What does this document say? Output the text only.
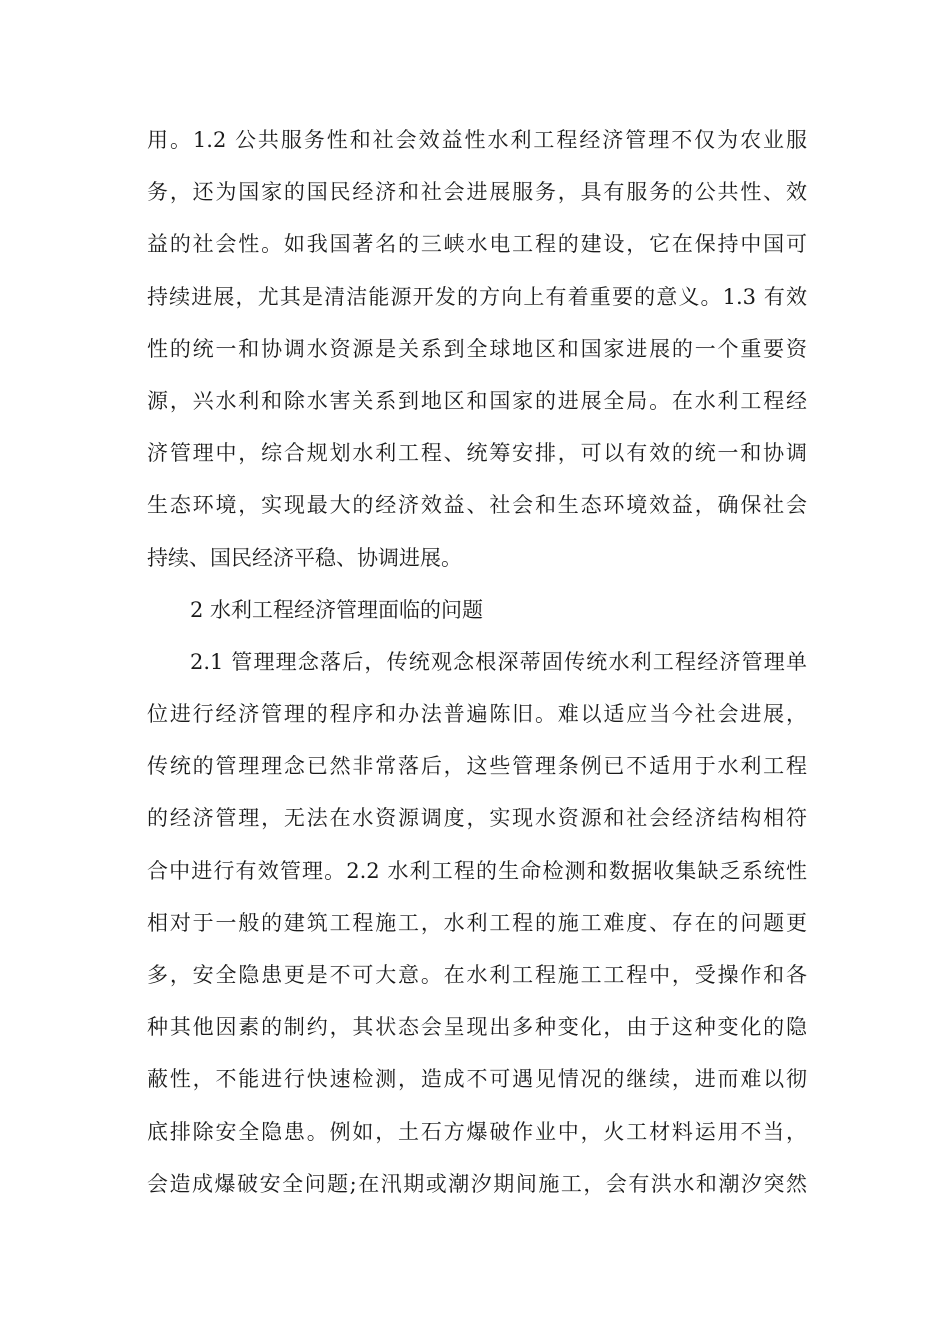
用。1.2 公共服务性和社会效益性水利工程经济管理不仅为农业服
务，还为国家的国民经济和社会进展服务，具有服务的公共性、效
益的社会性。如我国著名的三峡水电工程的建设，它在保持中国可
持续进展，尤其是清洁能源开发的方向上有着重要的意义。1.3 有效
性的统一和协调水资源是关系到全球地区和国家进展的一个重要资
源，兴水利和除水害关系到地区和国家的进展全局。在水利工程经
济管理中，综合规划水利工程、统筹安排，可以有效的统一和协调
生态环境，实现最大的经济效益、社会和生态环境效益，确保社会
持续、国民经济平稳、协调进展。
2 水利工程经济管理面临的问题
2.1 管理理念落后，传统观念根深蒂固传统水利工程经济管理单
位进行经济管理的程序和办法普遍陈旧。难以适应当今社会进展，
传统的管理理念已然非常落后，这些管理条例已不适用于水利工程
的经济管理，无法在水资源调度，实现水资源和社会经济结构相符
合中进行有效管理。2.2 水利工程的生命检测和数据收集缺乏系统性
相对于一般的建筑工程施工，水利工程的施工难度、存在的问题更
多，安全隐患更是不可大意。在水利工程施工工程中，受操作和各
种其他因素的制约，其状态会呈现出多种变化，由于这种变化的隐
蔽性，不能进行快速检测，造成不可遇见情况的继续，进而难以彻
底排除安全隐患。例如，土石方爆破作业中，火工材料运用不当，
会造成爆破安全问题;在汛期或潮汐期间施工，会有洪水和潮汐突然
